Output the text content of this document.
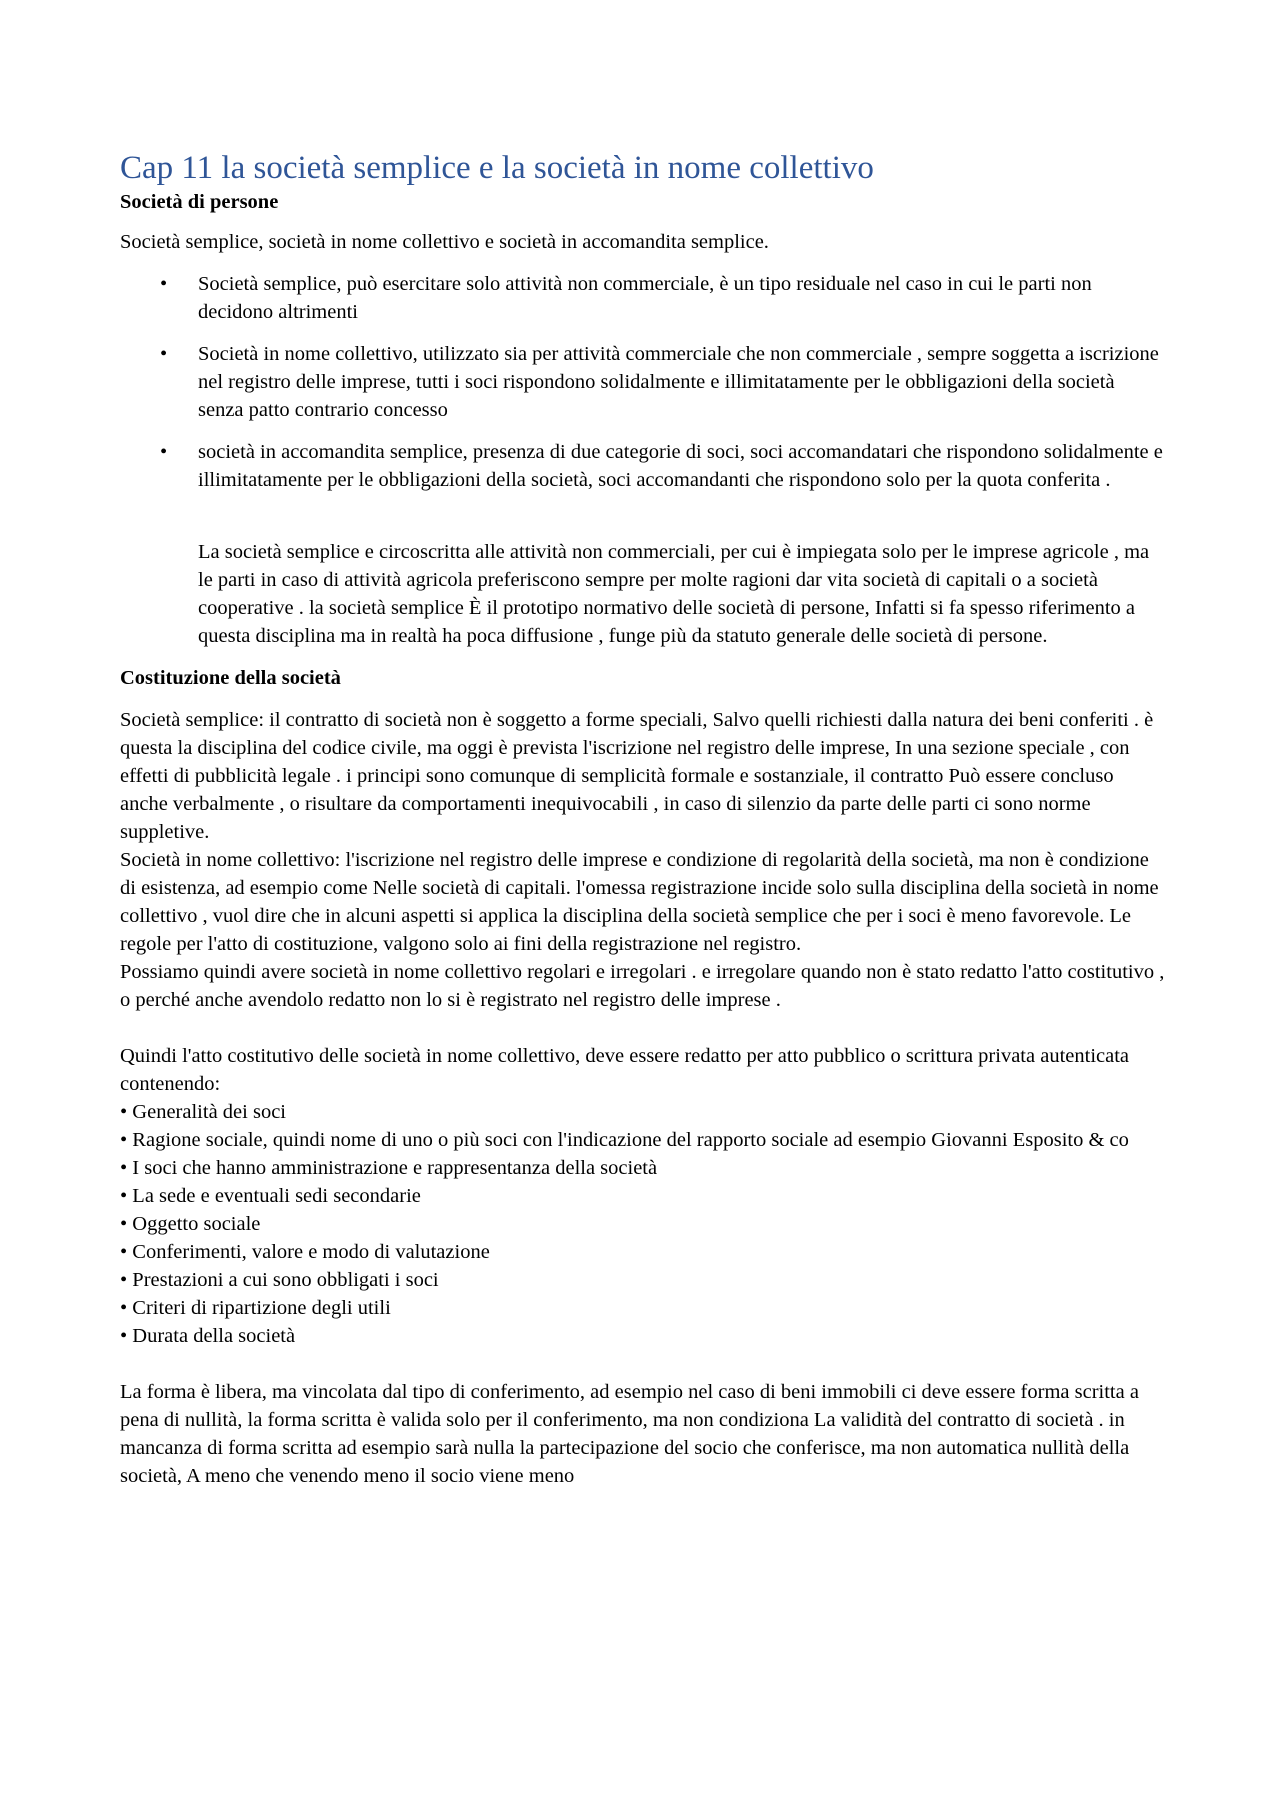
Cap 11 la società semplice e la società in nome collettivo

Società di persone

Società semplice, società in nome collettivo e società in accomandita semplice.

• Società semplice, può esercitare solo attività non commerciale, è un tipo residuale nel caso in cui le parti non decidono altrimenti
• Società in nome collettivo, utilizzato sia per attività commerciale che non commerciale , sempre soggetta a iscrizione nel registro delle imprese, tutti i soci rispondono solidalmente e illimitatamente per le obbligazioni della società senza patto contrario concesso
• società in accomandita semplice, presenza di due categorie di soci, soci accomandatari che rispondono solidalmente e illimitatamente per le obbligazioni della società, soci accomandanti che rispondono solo per la quota conferita .

La società semplice e circoscritta alle attività non commerciali, per cui è impiegata solo per le imprese agricole , ma le parti in caso di attività agricola preferiscono sempre per molte ragioni dar vita società di capitali o a società cooperative . la società semplice È il prototipo normativo delle società di persone, Infatti si fa spesso riferimento a questa disciplina ma in realtà ha poca diffusione , funge più da statuto generale delle società di persone.

Costituzione della società

Società semplice: il contratto di società non è soggetto a forme speciali, Salvo quelli richiesti dalla natura dei beni conferiti . è questa la disciplina del codice civile, ma oggi è prevista l'iscrizione nel registro delle imprese, In una sezione speciale , con effetti di pubblicità legale . i principi sono comunque di semplicità formale e sostanziale, il contratto Può essere concluso anche verbalmente , o risultare da comportamenti inequivocabili , in caso di silenzio da parte delle parti ci sono norme suppletive.

Società in nome collettivo: l'iscrizione nel registro delle imprese e condizione di regolarità della società, ma non è condizione di esistenza, ad esempio come Nelle società di capitali. l'omessa registrazione incide solo sulla disciplina della società in nome collettivo , vuol dire che in alcuni aspetti si applica la disciplina della società semplice che per i soci è meno favorevole. Le regole per l'atto di costituzione, valgono solo ai fini della registrazione nel registro.

Possiamo quindi avere società in nome collettivo regolari e irregolari . e irregolare quando non è stato redatto l'atto costitutivo , o perché anche avendolo redatto non lo si è registrato nel registro delle imprese .

Quindi l'atto costitutivo delle società in nome collettivo, deve essere redatto per atto pubblico o scrittura privata autenticata contenendo:

• Generalità dei soci
• Ragione sociale, quindi nome di uno o più soci con l'indicazione del rapporto sociale ad esempio Giovanni Esposito & co
• I soci che hanno amministrazione e rappresentanza della società
• La sede e eventuali sedi secondarie
• Oggetto sociale
• Conferimenti, valore e modo di valutazione
• Prestazioni a cui sono obbligati i soci
• Criteri di ripartizione degli utili
• Durata della società

La forma è libera, ma vincolata dal tipo di conferimento, ad esempio nel caso di beni immobili ci deve essere forma scritta a pena di nullità, la forma scritta è valida solo per il conferimento, ma non condiziona La validità del contratto di società . in mancanza di forma scritta ad esempio sarà nulla la partecipazione del socio che conferisce, ma non automatica nullità della società, A meno che venendo meno il socio viene meno
